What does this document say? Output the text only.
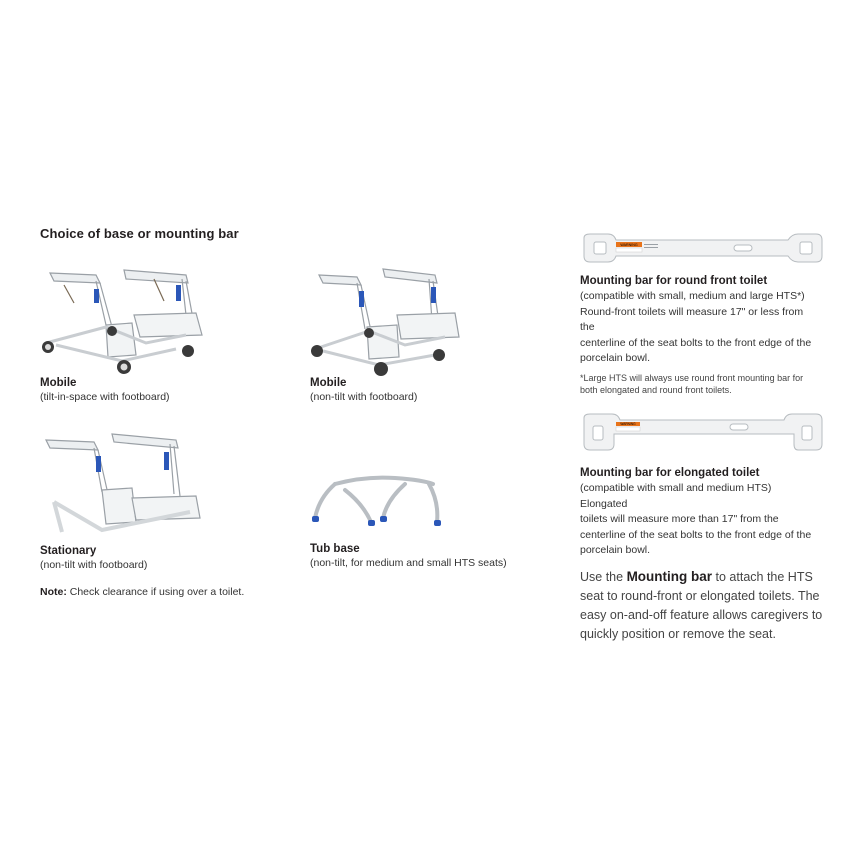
Choice of base or mounting bar
Mobile
(tilt-in-space with footboard)
Mobile
(non-tilt with footboard)
Stationary
(non-tilt with footboard)
Tub base
(non-tilt, for medium and small HTS seats)
Note: Check clearance if using over a toilet.
WARNING
Mounting bar for round front toilet
(compatible with small, medium and large HTS*)
Round-front toilets will measure 17" or less from the
centerline of the seat bolts to the front edge of the
porcelain bowl.
*Large HTS will always use round front mounting bar for
both elongated and round front toilets.
WARNING
Mounting bar for elongated toilet
(compatible with small and medium HTS) Elongated
toilets will measure more than 17" from the
centerline of the seat bolts to the front edge of the
porcelain bowl.
Use the Mounting bar to attach the HTS
seat to round-front or elongated toilets. The
easy on-and-off feature allows caregivers to
quickly position or remove the seat.
